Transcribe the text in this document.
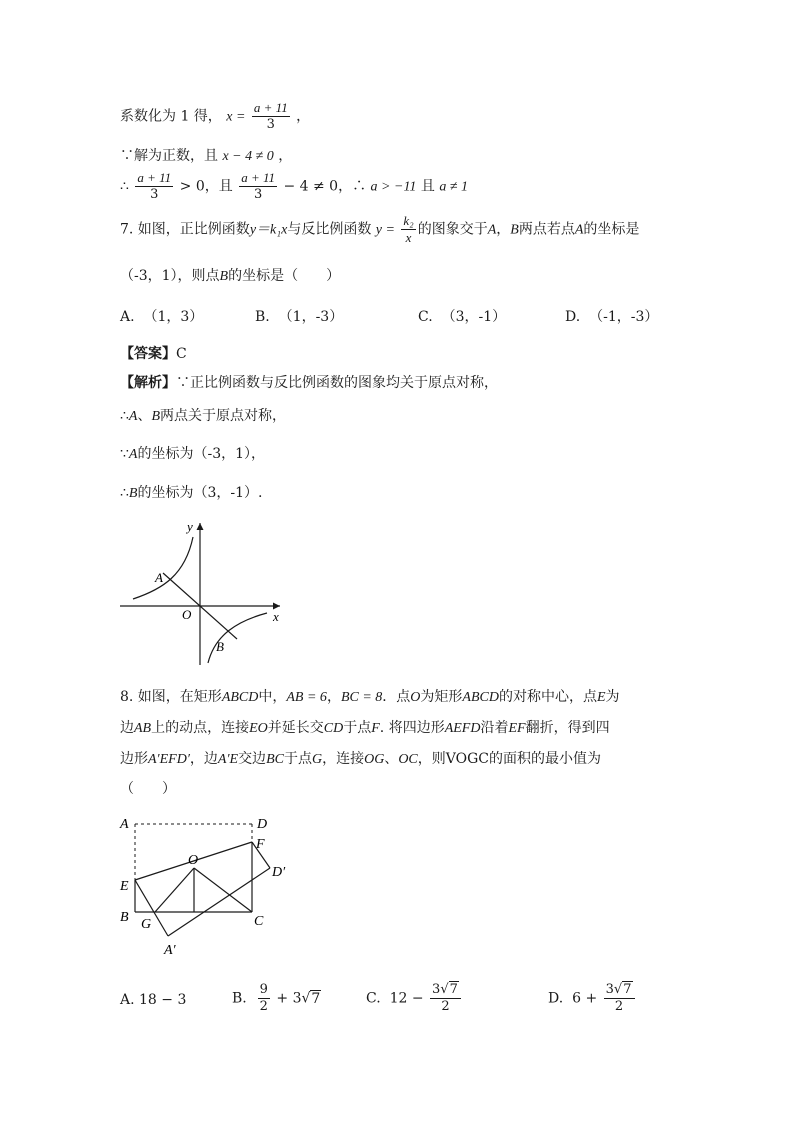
系数化为 1 得， $x = \frac{a + 11}{3}$ ，
∵解为正数，且 x − 4 ≠ 0 ，
∴ $\frac{a + 11}{3} > 0$，且 $\frac{a + 11}{3} - 4 \ne 0$，∴ a > −11 且 a ≠ 1
7. 如图，正比例函数y＝k₁x与反比例函数 $y = \frac{\text{k₂}}{x}$ 的图象交于A，B两点若点A的坐标是
（-3，1），则点B的坐标是（　　）
A. （1，3）	B. （1，-3）	C. （3，-1）	D. （-1，-3）
【答案】C
【解析】∵正比例函数与反比例函数的图象均关于原点对称，
∴A、B两点关于原点对称，
∵A的坐标为（-3，1），
∴B的坐标为（3，-1）.
y
x
O
A
B
8. 如图，在矩形ABCD中，AB = 6，BC = 8．点O为矩形ABCD的对称中心，点E为
边AB上的动点，连接EO并延长交CD于点F. 将四边形AEFD沿着EF翻折，得到四
边形A′EFD′，边A′E交边BC于点G，连接OG、OC，则VOGC的面积的最小值为
（　　）
A	D
O
F
D′
E
B G	C
A′
A. 18 − 3	B. $\frac{9}{2} + 3√7$	C. $12 - \frac{3√7}{2}$	D. $6 + \frac{3√7}{2}$
